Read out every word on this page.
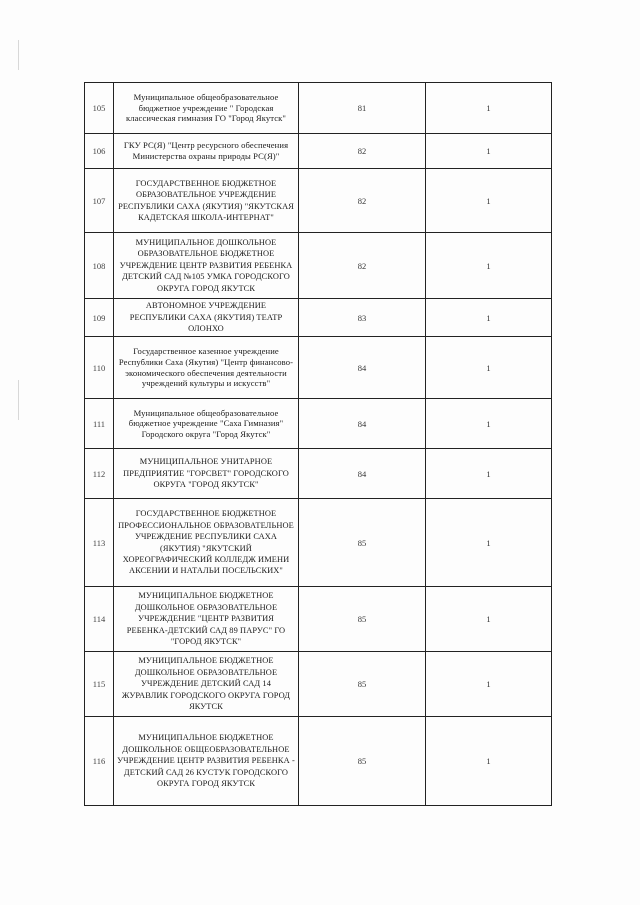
105	Муниципальное общеобразовательное бюджетное учреждение " Городская классическая гимназия ГО "Город Якутск"	81	1
106	ГКУ РС(Я) "Центр ресурсного обеспечения Министерства охраны природы РС(Я)"	82	1
107	ГОСУДАРСТВЕННОЕ БЮДЖЕТНОЕ ОБРАЗОВАТЕЛЬНОЕ УЧРЕЖДЕНИЕ РЕСПУБЛИКИ САХА (ЯКУТИЯ) "ЯКУТСКАЯ КАДЕТСКАЯ ШКОЛА-ИНТЕРНАТ"	82	1
108	МУНИЦИПАЛЬНОЕ ДОШКОЛЬНОЕ ОБРАЗОВАТЕЛЬНОЕ БЮДЖЕТНОЕ УЧРЕЖДЕНИЕ ЦЕНТР РАЗВИТИЯ РЕБЕНКА ДЕТСКИЙ САД №105 УМКА ГОРОДСКОГО ОКРУГА ГОРОД ЯКУТСК	82	1
109	АВТОНОМНОЕ УЧРЕЖДЕНИЕ РЕСПУБЛИКИ САХА (ЯКУТИЯ) ТЕАТР ОЛОНХО	83	1
110	Государственное казенное учреждение Республики Саха (Якутия) "Центр финансово-экономического обеспечения деятельности учреждений культуры и искусств"	84	1
111	Муниципальное общеобразовательное бюджетное учреждение "Саха Гимназия" Городского округа "Город Якутск"	84	1
112	МУНИЦИПАЛЬНОЕ УНИТАРНОЕ ПРЕДПРИЯТИЕ "ГОРСВЕТ" ГОРОДСКОГО ОКРУГА "ГОРОД ЯКУТСК"	84	1
113	ГОСУДАРСТВЕННОЕ БЮДЖЕТНОЕ ПРОФЕССИОНАЛЬНОЕ ОБРАЗОВАТЕЛЬНОЕ УЧРЕЖДЕНИЕ РЕСПУБЛИКИ САХА (ЯКУТИЯ) "ЯКУТСКИЙ ХОРЕОГРАФИЧЕСКИЙ КОЛЛЕДЖ ИМЕНИ АКСЕНИИ И НАТАЛЬИ ПОСЕЛЬСКИХ"	85	1
114	МУНИЦИПАЛЬНОЕ БЮДЖЕТНОЕ ДОШКОЛЬНОЕ ОБРАЗОВАТЕЛЬНОЕ УЧРЕЖДЕНИЕ "ЦЕНТР РАЗВИТИЯ РЕБЕНКА-ДЕТСКИЙ САД 89 ПАРУС" ГО "ГОРОД ЯКУТСК"	85	1
115	МУНИЦИПАЛЬНОЕ БЮДЖЕТНОЕ ДОШКОЛЬНОЕ ОБРАЗОВАТЕЛЬНОЕ УЧРЕЖДЕНИЕ ДЕТСКИЙ САД 14 ЖУРАВЛИК ГОРОДСКОГО ОКРУГА ГОРОД ЯКУТСК	85	1
116	МУНИЦИПАЛЬНОЕ БЮДЖЕТНОЕ ДОШКОЛЬНОЕ ОБЩЕОБРАЗОВАТЕЛЬНОЕ УЧРЕЖДЕНИЕ ЦЕНТР РАЗВИТИЯ РЕБЕНКА - ДЕТСКИЙ САД 26 КУСТУК ГОРОДСКОГО ОКРУГА ГОРОД ЯКУТСК	85	1
